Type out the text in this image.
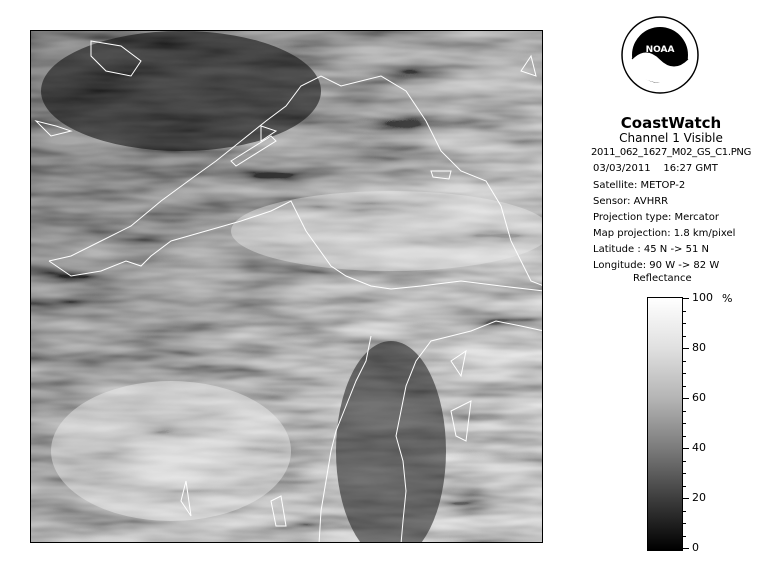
NOAA
CoastWatch
Channel 1 Visible
2011_062_1627_M02_GS_C1.PNG
03/03/2011 16:27 GMT
Satellite: METOP-2
Sensor: AVHRR
Projection type: Mercator
Map projection: 1.8 km/pixel
Latitude : 45 N -> 51 N
Longitude: 90 W -> 82 W
Reflectance
%
100
80
60
40
20
0
